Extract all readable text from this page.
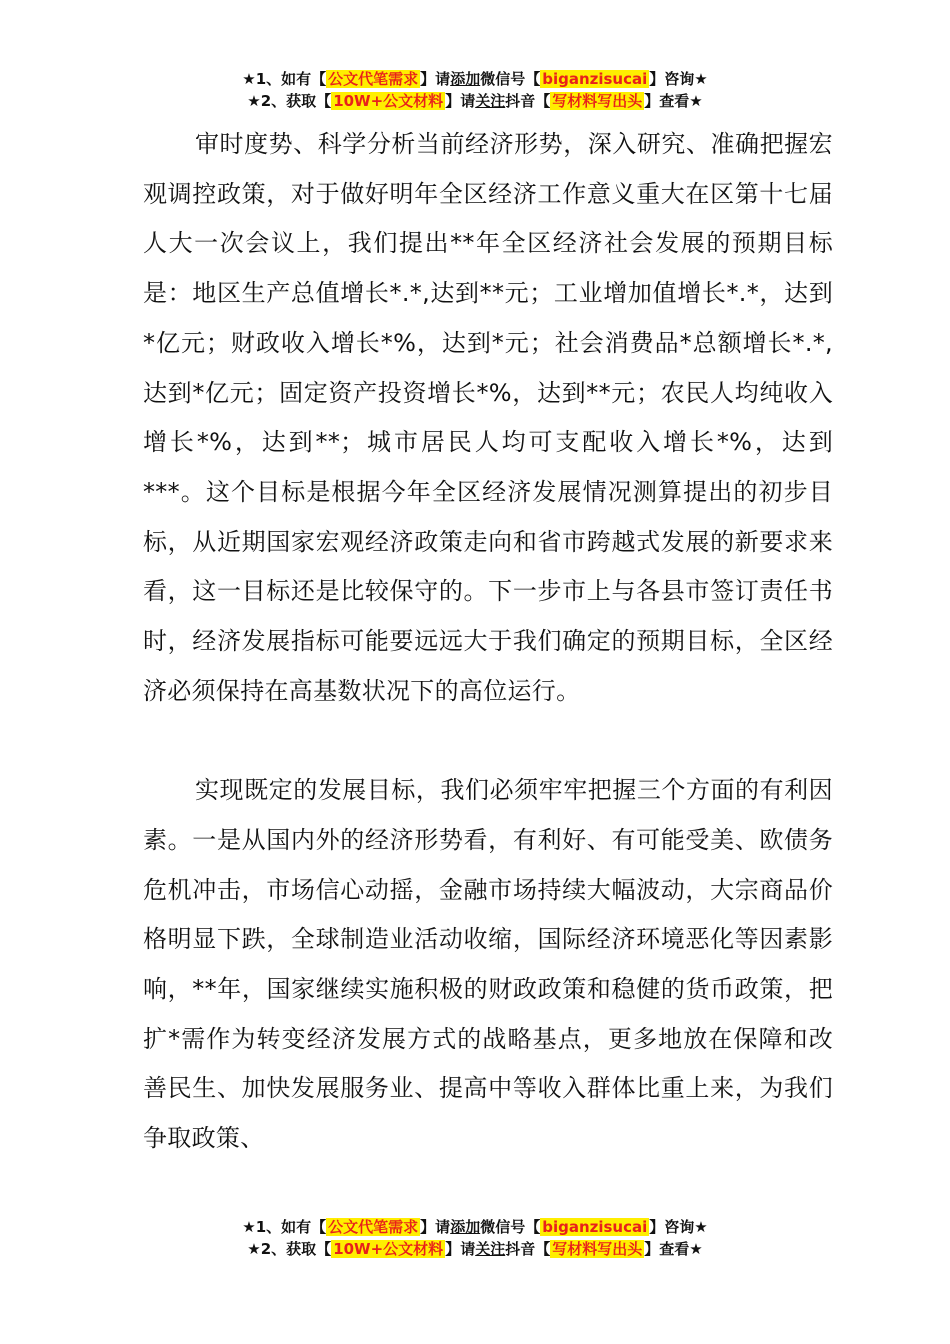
★1、如有【 公文代笔需求 】请添加微信号【 biganzisucai 】咨询★
★2、获取【 10W+公文材料 】请关注抖音【 写材料写出头 】查看★

审时度势、科学分析当前经济形势，深入研究、准确把握宏观调控政策，对于做好明年全区经济工作意义重大在区第十七届人大一次会议上，我们提出**年全区经济社会发展的预期目标是：地区生产总值增长*.*,达到**元；工业增加值增长*.*，达到*亿元；财政收入增长*%，达到*元；社会消费品*总额增长*.*,达到*亿元；固定资产投资增长*%，达到**元；农民人均纯收入增长*%，达到**；城市居民人均可支配收入增长*%，达到***。这个目标是根据今年全区经济发展情况测算提出的初步目标，从近期国家宏观经济政策走向和省市跨越式发展的新要求来看，这一目标还是比较保守的。下一步市上与各县市签订责任书时，经济发展指标可能要远远大于我们确定的预期目标，全区经济必须保持在高基数状况下的高位运行。

实现既定的发展目标，我们必须牢牢把握三个方面的有利因素。一是从国内外的经济形势看，有利好、有可能受美、欧债务危机冲击，市场信心动摇，金融市场持续大幅波动，大宗商品价格明显下跌，全球制造业活动收缩，国际经济环境恶化等因素影响，**年，国家继续实施积极的财政政策和稳健的货币政策，把扩*需作为转变经济发展方式的战略基点，更多地放在保障和改善民生、加快发展服务业、提高中等收入群体比重上来，为我们争取政策、

★1、如有【 公文代笔需求 】请添加微信号【 biganzisucai 】咨询★
★2、获取【 10W+公文材料 】请关注抖音【 写材料写出头 】查看★
